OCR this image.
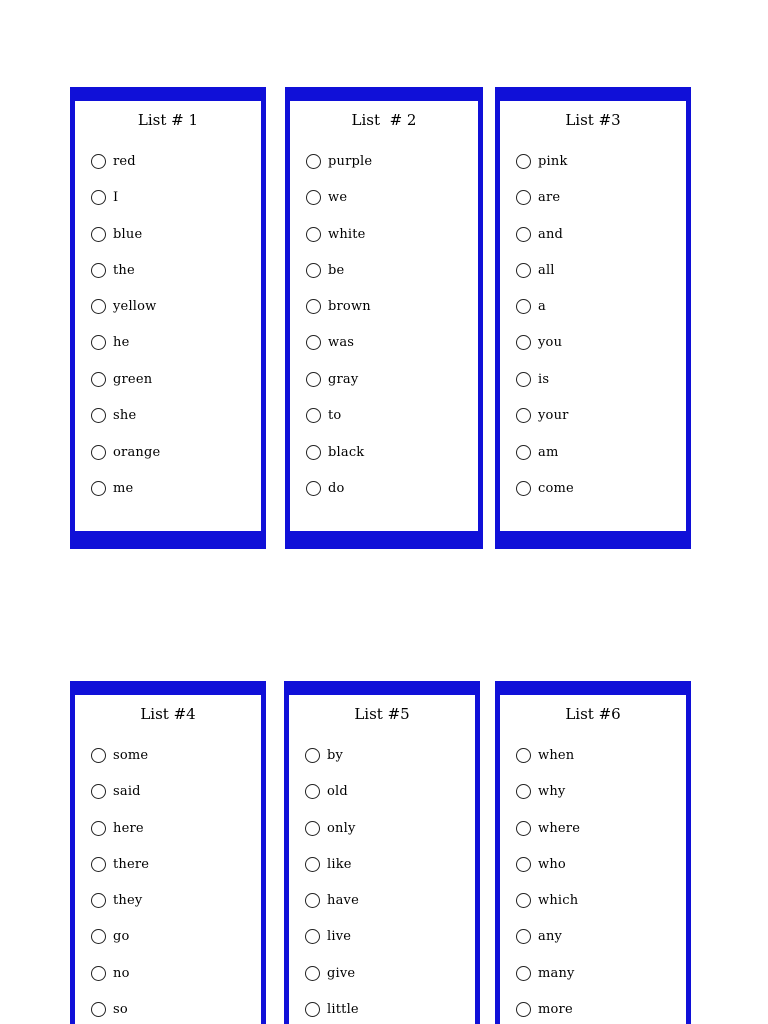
List # 1
red
I
blue
the
yellow
he
green
she
orange
me
List  # 2
purple
we
white
be
brown
was
gray
to
black
do
List #3
pink
are
and
all
a
you
is
your
am
come
List #4
some
said
here
there
they
go
no
so
List #5
by
old
only
like
have
live
give
little
List #6
when
why
where
who
which
any
many
more
